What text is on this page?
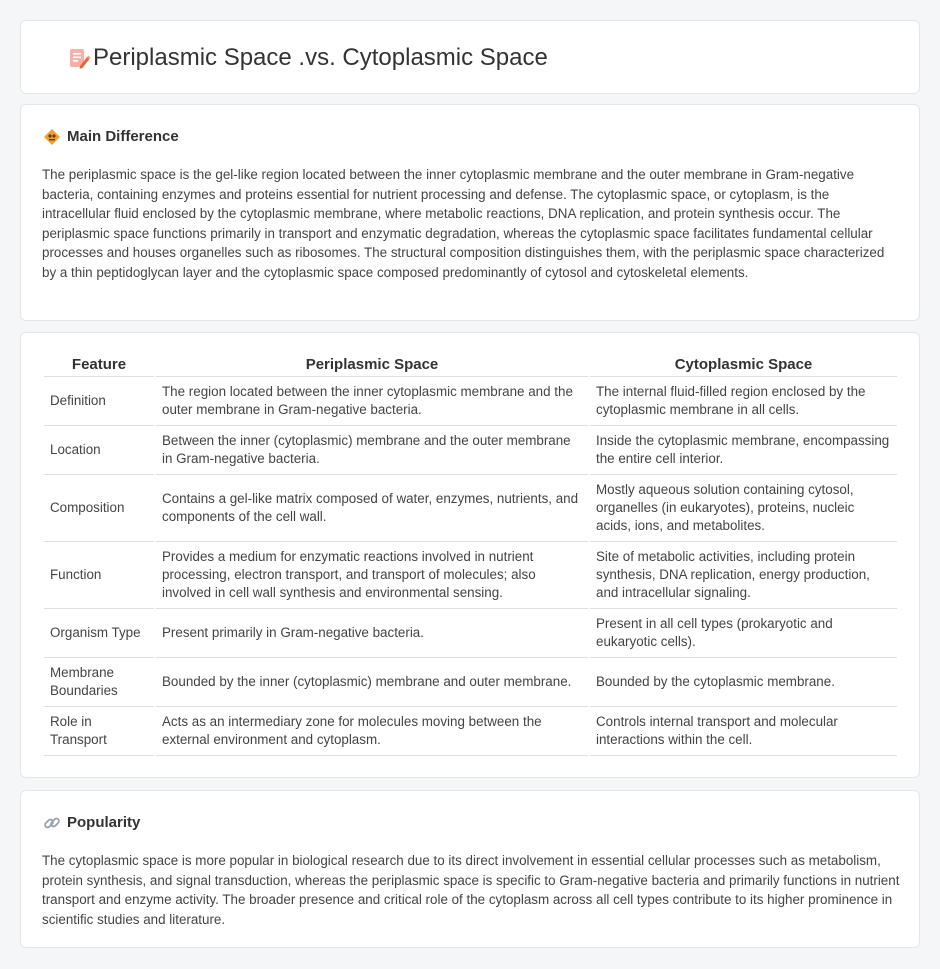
Periplasmic Space .vs. Cytoplasmic Space
Main Difference

The periplasmic space is the gel-like region located between the inner cytoplasmic membrane and the outer membrane in Gram-negative bacteria, containing enzymes and proteins essential for nutrient processing and defense. The cytoplasmic space, or cytoplasm, is the intracellular fluid enclosed by the cytoplasmic membrane, where metabolic reactions, DNA replication, and protein synthesis occur. The periplasmic space functions primarily in transport and enzymatic degradation, whereas the cytoplasmic space facilitates fundamental cellular processes and houses organelles such as ribosomes. The structural composition distinguishes them, with the periplasmic space characterized by a thin peptidoglycan layer and the cytoplasmic space composed predominantly of cytosol and cytoskeletal elements.

Feature	Periplasmic Space	Cytoplasmic Space
Definition	The region located between the inner cytoplasmic membrane and the outer membrane in Gram-negative bacteria.	The internal fluid-filled region enclosed by the cytoplasmic membrane in all cells.
Location	Between the inner (cytoplasmic) membrane and the outer membrane in Gram-negative bacteria.	Inside the cytoplasmic membrane, encompassing the entire cell interior.
Composition	Contains a gel-like matrix composed of water, enzymes, nutrients, and components of the cell wall.	Mostly aqueous solution containing cytosol, organelles (in eukaryotes), proteins, nucleic acids, ions, and metabolites.
Function	Provides a medium for enzymatic reactions involved in nutrient processing, electron transport, and transport of molecules; also involved in cell wall synthesis and environmental sensing.	Site of metabolic activities, including protein synthesis, DNA replication, energy production, and intracellular signaling.
Organism Type	Present primarily in Gram-negative bacteria.	Present in all cell types (prokaryotic and eukaryotic cells).
Membrane Boundaries	Bounded by the inner (cytoplasmic) membrane and outer membrane.	Bounded by the cytoplasmic membrane.
Role in Transport	Acts as an intermediary zone for molecules moving between the external environment and cytoplasm.	Controls internal transport and molecular interactions within the cell.
Popularity

The cytoplasmic space is more popular in biological research due to its direct involvement in essential cellular processes such as metabolism, protein synthesis, and signal transduction, whereas the periplasmic space is specific to Gram-negative bacteria and primarily functions in nutrient transport and enzyme activity. The broader presence and critical role of the cytoplasm across all cell types contribute to its higher prominence in scientific studies and literature.
